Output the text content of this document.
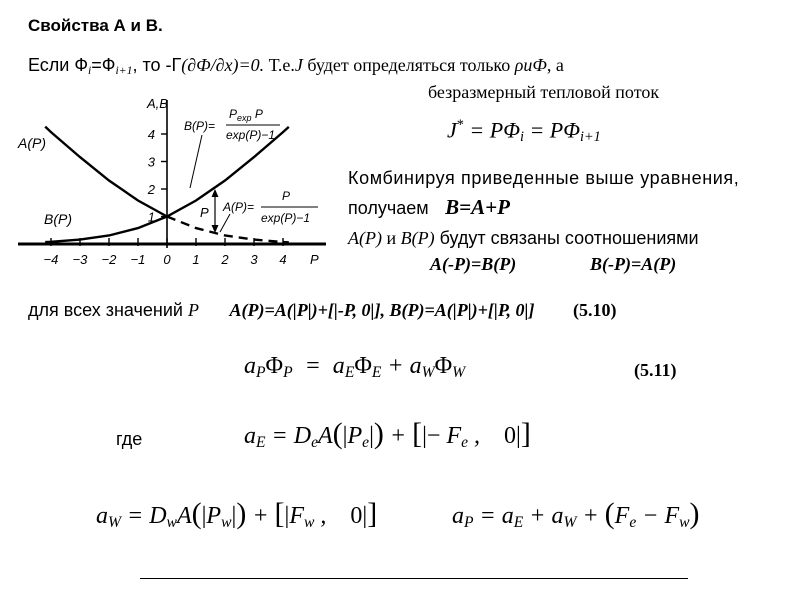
Свойства А и В.
Если $Ф_i=Ф_{i+1}$, то -Г(∂Ф/∂x)=0. Т.е.J будет определяться только ρuФ, а
безразмерный тепловой поток
$J^* = P\Phi_i = P\Phi_{i+1}$
−4 −3 −2 −1 0 1 2 3 4
1
2
3
4
P
A,B
A(P)
B(P)
B(P)=
$P_{exp}$ P
exp(P)−1
A(P)=
P
exp(P)−1
P
Комбинируя приведенные выше уравнения,
получаем B=A+P
A(P) и B(P) будут связаны соотношениями
A(-P)=B(P)	B(-P)=A(P)
для всех значений P A(P)=A(|P|)+[|-P, 0|], B(P)=A(|P|)+[|P, 0|] (5.10)
$a_P\Phi_P = a_E\Phi_E + a_W\Phi_W$	(5.11)
где	$a_E = D_eA(|P_e|)$ + [|− $F_e$ ,    0|]
$a_W = D_wA(|P_w|) + [|F_w$ ,    0|]	$a_P = a_E + a_W + (F_e - F_w)$
